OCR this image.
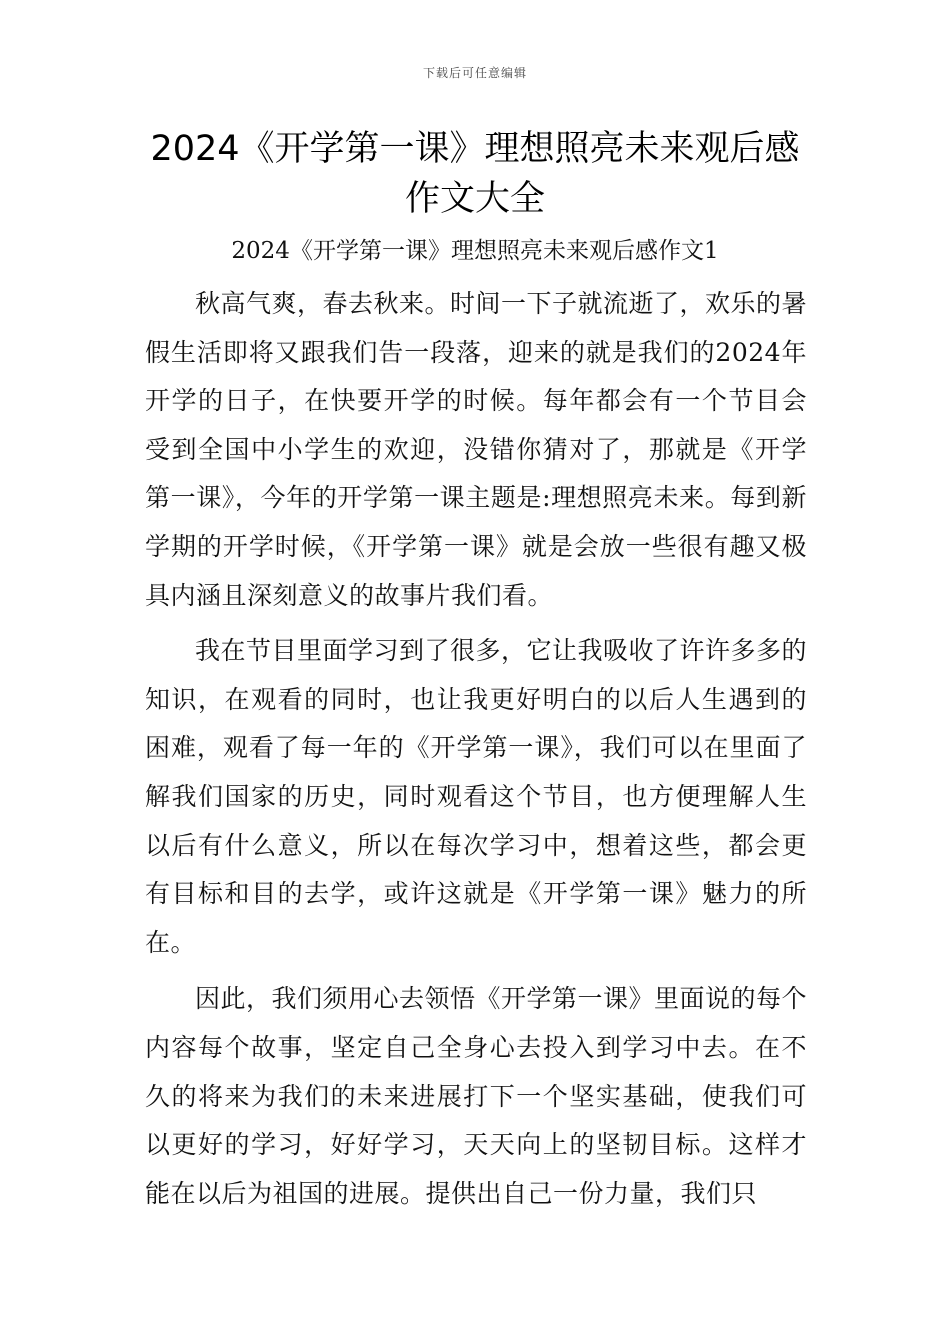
下载后可任意编辑
2024《开学第一课》理想照亮未来观后感作文大全
2024《开学第一课》理想照亮未来观后感作文1

秋高气爽，春去秋来。时间一下子就流逝了，欢乐的暑假生活即将又跟我们告一段落，迎来的就是我们的2024年开学的日子，在快要开学的时候。每年都会有一个节目会受到全国中小学生的欢迎，没错你猜对了，那就是《开学第一课》，今年的开学第一课主题是:理想照亮未来。每到新学期的开学时候，《开学第一课》就是会放一些很有趣又极具内涵且深刻意义的故事片我们看。

我在节目里面学习到了很多，它让我吸收了许许多多的知识，在观看的同时，也让我更好明白的以后人生遇到的困难，观看了每一年的《开学第一课》，我们可以在里面了解我们国家的历史，同时观看这个节目，也方便理解人生以后有什么意义，所以在每次学习中，想着这些，都会更有目标和目的去学，或许这就是《开学第一课》魅力的所在。

因此，我们须用心去领悟《开学第一课》里面说的每个内容每个故事，坚定自己全身心去投入到学习中去。在不久的将来为我们的未来进展打下一个坚实基础，使我们可以更好的学习，好好学习，天天向上的坚韧目标。这样才能在以后为祖国的进展。提供出自己一份力量，我们只
